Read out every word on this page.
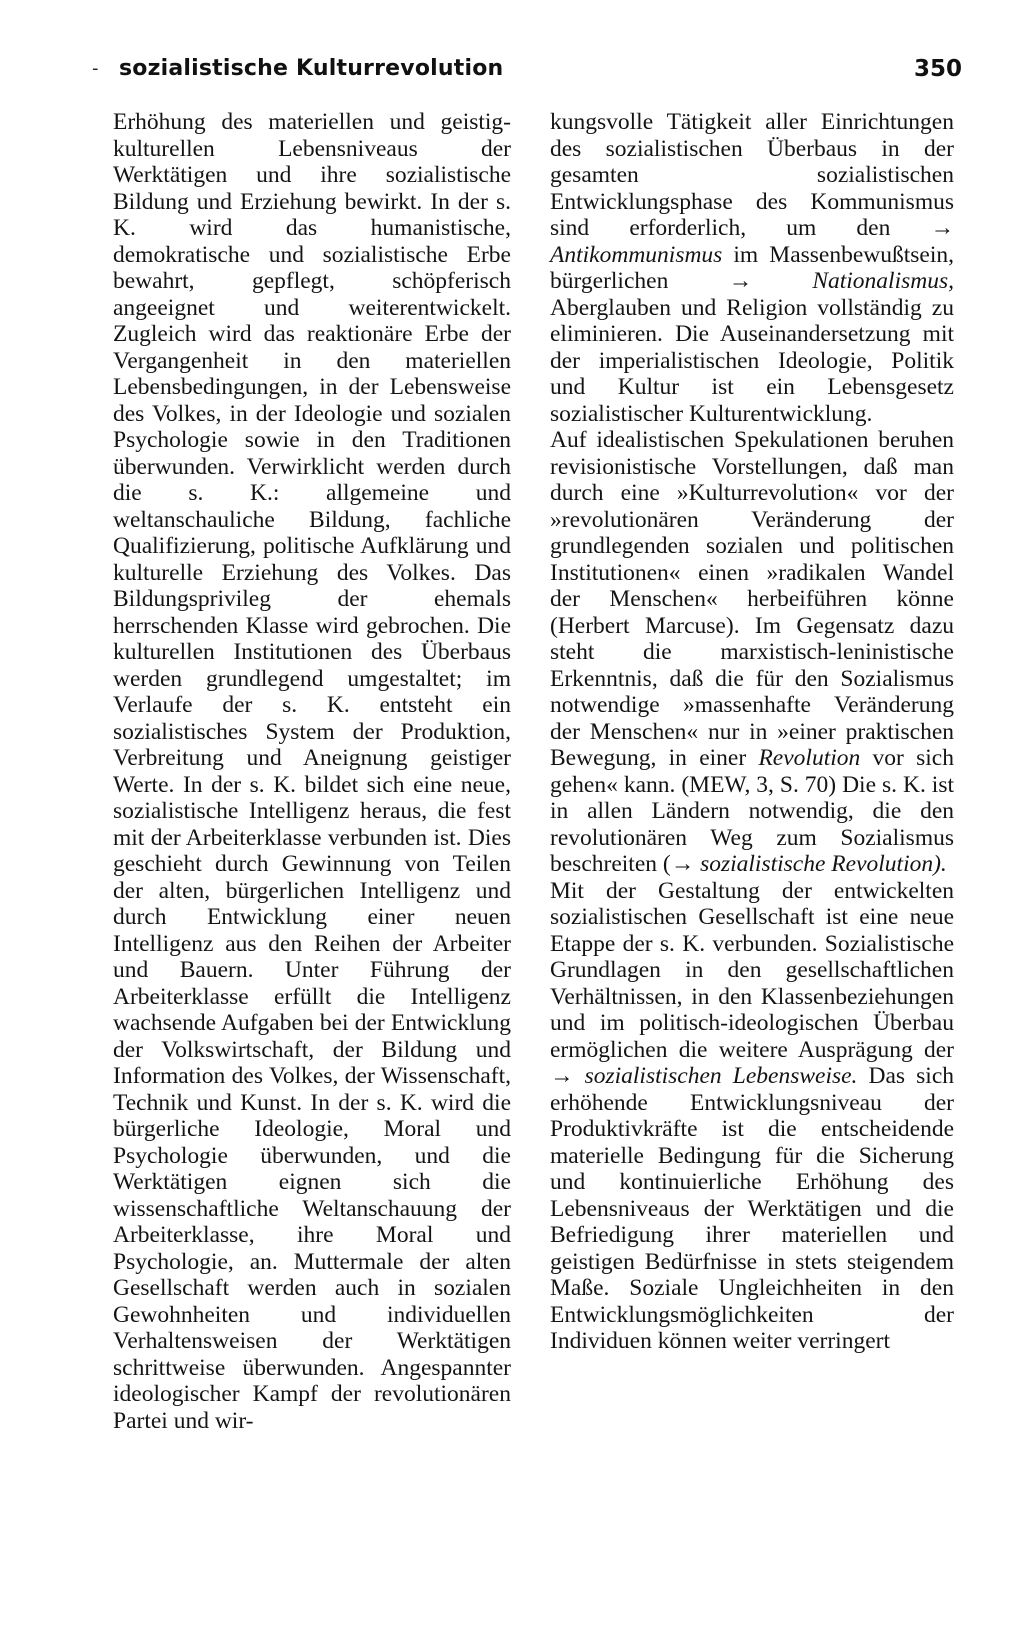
- sozialistische Kulturrevolution	350

Erhöhung des materiellen und geistig-kulturellen Lebensniveaus der Werktätigen und ihre sozialistische Bildung und Erziehung bewirkt. In der s. K. wird das humanistische, demokratische und sozialistische Erbe bewahrt, gepflegt, schöpferisch angeeignet und weiterentwickelt. Zugleich wird das reaktionäre Erbe der Vergangenheit in den materiellen Lebensbedingungen, in der Lebensweise des Volkes, in der Ideologie und sozialen Psychologie sowie in den Traditionen überwunden. Verwirklicht werden durch die s. K.: allgemeine und weltanschauliche Bildung, fachliche Qualifizierung, politische Aufklärung und kulturelle Erziehung des Volkes. Das Bildungsprivileg der ehemals herrschenden Klasse wird gebrochen. Die kulturellen Institutionen des Überbaus werden grundlegend umgestaltet; im Verlaufe der s. K. entsteht ein sozialistisches System der Produktion, Verbreitung und Aneignung geistiger Werte. In der s. K. bildet sich eine neue, sozialistische Intelligenz heraus, die fest mit der Arbeiterklasse verbunden ist. Dies geschieht durch Gewinnung von Teilen der alten, bürgerlichen Intelligenz und durch Entwicklung einer neuen Intelligenz aus den Reihen der Arbeiter und Bauern. Unter Führung der Arbeiterklasse erfüllt die Intelligenz wachsende Aufgaben bei der Entwicklung der Volkswirtschaft, der Bildung und Information des Volkes, der Wissenschaft, Technik und Kunst. In der s. K. wird die bürgerliche Ideologie, Moral und Psychologie überwunden, und die Werktätigen eignen sich die wissenschaftliche Weltanschauung der Arbeiterklasse, ihre Moral und Psychologie, an. Muttermale der alten Gesellschaft werden auch in sozialen Gewohnheiten und individuellen Verhaltensweisen der Werktätigen schrittweise überwunden. Angespannter ideologischer Kampf der revolutionären Partei und wir-

kungsvolle Tätigkeit aller Einrichtungen des sozialistischen Überbaus in der gesamten sozialistischen Entwicklungsphase des Kommunismus sind erforderlich, um den → Antikommunismus im Massenbewußtsein, bürgerlichen → Nationalismus, Aberglauben und Religion vollständig zu eliminieren. Die Auseinandersetzung mit der imperialistischen Ideologie, Politik und Kultur ist ein Lebensgesetz sozialistischer Kulturentwicklung.

Auf idealistischen Spekulationen beruhen revisionistische Vorstellungen, daß man durch eine »Kulturrevolution« vor der »revolutionären Veränderung der grundlegenden sozialen und politischen Institutionen« einen »radikalen Wandel der Menschen« herbeiführen könne (Herbert Marcuse). Im Gegensatz dazu steht die marxistisch-leninistische Erkenntnis, daß die für den Sozialismus notwendige »massenhafte Veränderung der Menschen« nur in »einer praktischen Bewegung, in einer Revolution vor sich gehen« kann. (MEW, 3, S. 70) Die s. K. ist in allen Ländern notwendig, die den revolutionären Weg zum Sozialismus beschreiten (→ sozialistische Revolution).

Mit der Gestaltung der entwickelten sozialistischen Gesellschaft ist eine neue Etappe der s. K. verbunden. Sozialistische Grundlagen in den gesellschaftlichen Verhältnissen, in den Klassenbeziehungen und im politisch-ideologischen Überbau ermöglichen die weitere Ausprägung der → sozialistischen Lebensweise. Das sich erhöhende Entwicklungsniveau der Produktivkräfte ist die entscheidende materielle Bedingung für die Sicherung und kontinuierliche Erhöhung des Lebensniveaus der Werktätigen und die Befriedigung ihrer materiellen und geistigen Bedürfnisse in stets steigendem Maße. Soziale Ungleichheiten in den Entwicklungsmöglichkeiten der Individuen können weiter verringert
